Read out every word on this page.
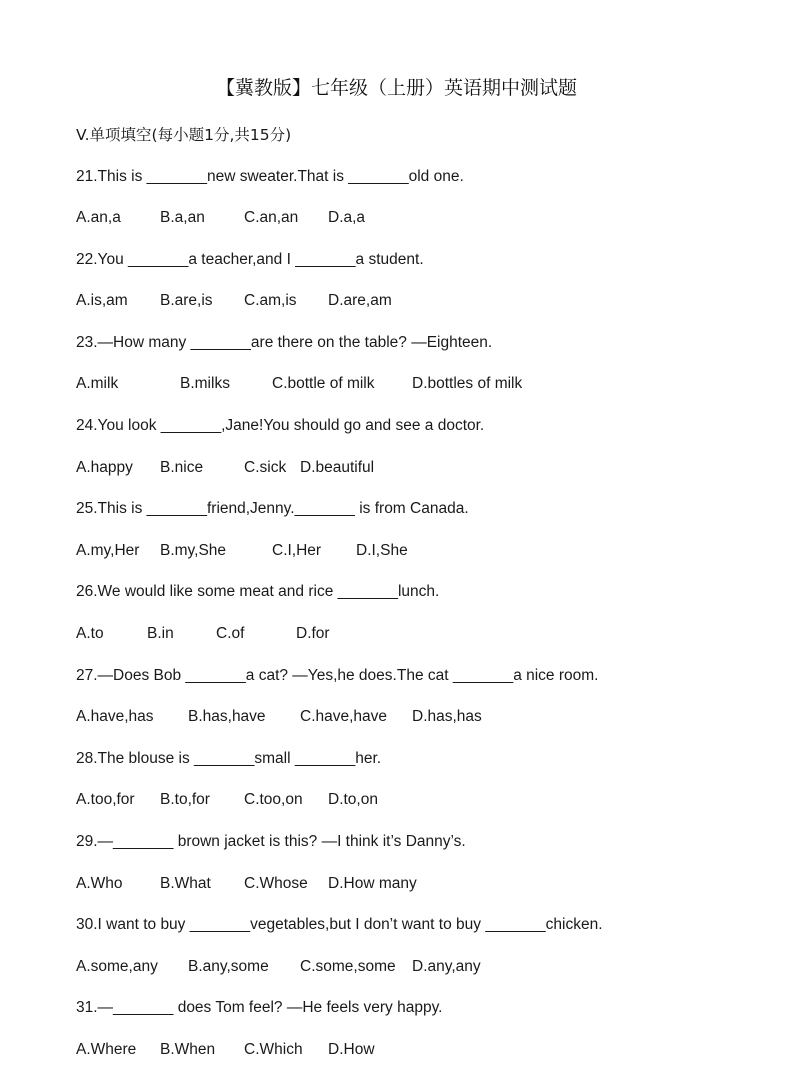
【冀教版】七年级（上册）英语期中测试题
V.单项填空(每小题1分,共15分)
21.This is _______new sweater.That is _______old one.
A.an,a	B.a,an	C.an,an D.a,a
22.You _______a teacher,and I _______a student.
A.is,am B.are,is C.am,is D.are,am
23.—How many _______are there on the table? —Eighteen.
A.milk	B.milks	C.bottle of milk D.bottles of milk
24.You look _______,Jane!You should go and see a doctor.
A.happy B.nice	C.sick D.beautiful
25.This is _______friend,Jenny._______ is from Canada.
A.my,Her B.my,She	C.I,Her D.I,She
26.We would like some meat and rice _______lunch.
A.to	B.in	C.of	D.for
27.—Does Bob _______a cat? —Yes,he does.The cat _______a nice room.
A.have,has B.has,have C.have,have D.has,has
28.The blouse is _______small _______her.
A.too,for B.to,for C.too,on D.to,on
29.—_______ brown jacket is this? —I think it’s Danny’s.
A.Who B.What C.Whose D.How many
30.I want to buy _______vegetables,but I don’t want to buy _______chicken.
A.some,any B.any,some C.some,some D.any,any
31.—_______ does Tom feel? —He feels very happy.
A.Where B.When C.Which D.How
